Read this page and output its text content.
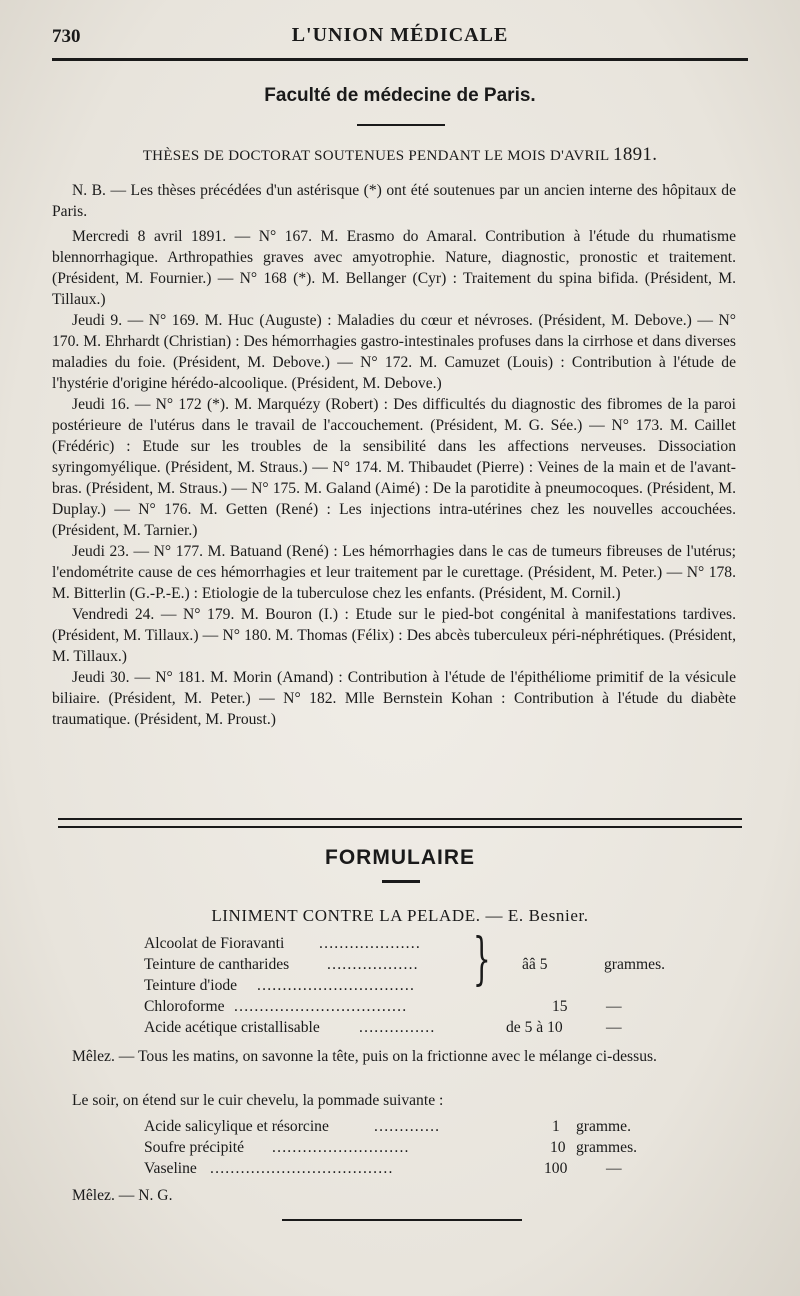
730	L'UNION MÉDICALE
Faculté de médecine de Paris.
THÈSES DE DOCTORAT SOUTENUES PENDANT LE MOIS D'AVRIL 1891.

N. B. — Les thèses précédées d'un astérisque (*) ont été soutenues par un ancien interne des hôpitaux de Paris.

Mercredi 8 avril 1891. — N° 167. M. Erasmo do Amaral. Contribution à l'étude du rhumatisme blennorrhagique. Arthropathies graves avec amyotrophie. Nature, diagnostic, pronostic et traitement. (Président, M. Fournier.) — N° 168 (*). M. Bellanger (Cyr) : Traitement du spina bifida. (Président, M. Tillaux.)

Jeudi 9. — N° 169. M. Huc (Auguste) : Maladies du cœur et névroses. (Président, M. Debove.) — N° 170. M. Ehrhardt (Christian) : Des hémorrhagies gastro-intestinales profuses dans la cirrhose et dans diverses maladies du foie. (Président, M. Debove.) — N° 172. M. Camuzet (Louis) : Contribution à l'étude de l'hystérie d'origine hérédo-alcoolique. (Président, M. Debove.)

Jeudi 16. — N° 172 (*). M. Marquézy (Robert) : Des difficultés du diagnostic des fibromes de la paroi postérieure de l'utérus dans le travail de l'accouchement. (Président, M. G. Sée.) — N° 173. M. Caillet (Frédéric) : Etude sur les troubles de la sensibilité dans les affections nerveuses. Dissociation syringomyélique. (Président, M. Straus.) — N° 174. M. Thibaudet (Pierre) : Veines de la main et de l'avant-bras. (Président, M. Straus.) — N° 175. M. Galand (Aimé) : De la parotidite à pneumocoques. (Président, M. Duplay.) — N° 176. M. Getten (René) : Les injections intra-utérines chez les nouvelles accouchées. (Président, M. Tarnier.)

Jeudi 23. — N° 177. M. Batuand (René) : Les hémorrhagies dans le cas de tumeurs fibreuses de l'utérus; l'endométrite cause de ces hémorrhagies et leur traitement par le curettage. (Président, M. Peter.) — N° 178. M. Bitterlin (G.-P.-E.) : Etiologie de la tuberculose chez les enfants. (Président, M. Cornil.)

Vendredi 24. — N° 179. M. Bouron (I.) : Etude sur le pied-bot congénital à manifestations tardives. (Président, M. Tillaux.) — N° 180. M. Thomas (Félix) : Des abcès tuberculeux péri-néphrétiques. (Président, M. Tillaux.)

Jeudi 30. — N° 181. M. Morin (Amand) : Contribution à l'étude de l'épithéliome primitif de la vésicule biliaire. (Président, M. Peter.) — N° 182. Mlle Bernstein Kohan : Contribution à l'étude du diabète traumatique. (Président, M. Proust.)

FORMULAIRE
LINIMENT CONTRE LA PELADE. — E. Besnier.
Alcoolat de Fioravanti ....................
Teinture de cantharides ..................	ââ 5	grammes.
Teinture d'iode ............................... }
Chloroforme ..................................	15 —
Acide acétique cristallisable	...............	de 5 à 10	—

Mêlez. — Tous les matins, on savonne la tête, puis on la frictionne avec le mélange ci-dessus.

Le soir, on étend sur le cuir chevelu, la pommade suivante :

Acide salicylique et résorcine	.............	1 gramme.
Soufre précipité ...........................	10 grammes.
Vaseline ....................................	100 —

Mêlez. — N. G.
